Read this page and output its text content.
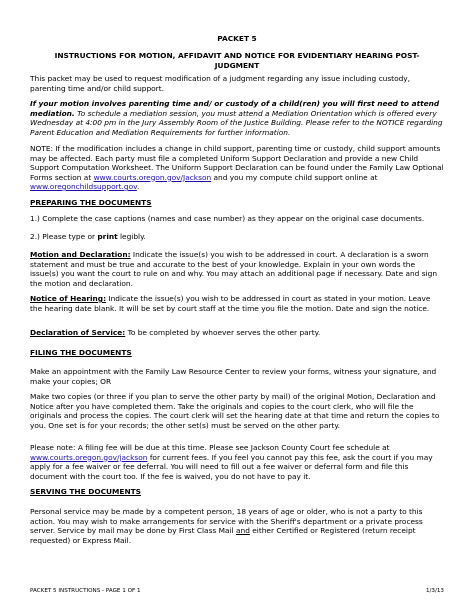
PACKET 5

INSTRUCTIONS FOR MOTION, AFFIDAVIT AND NOTICE FOR EVIDENTIARY HEARING POST-JUDGMENT

This packet may be used to request modification of a judgment regarding any issue including custody, parenting time and/or child support.

If your motion involves parenting time and/ or custody of a child(ren) you will first need to attend mediation. To schedule a mediation session, you must attend a Mediation Orientation which is offered every Wednesday at 4:00 pm in the Jury Assembly Room of the Justice Building. Please refer to the NOTICE regarding Parent Education and Mediation Requirements for further information.

NOTE: If the modification includes a change in child support, parenting time or custody, child support amounts may be affected. Each party must file a completed Uniform Support Declaration and provide a new Child Support Computation Worksheet. The Uniform Support Declaration can be found under the Family Law Optional Forms section at www.courts.oregon.gov/Jackson and you my compute child support online at www.oregonchildsupport.gov.

PREPARING THE DOCUMENTS

1.) Complete the case captions (names and case number) as they appear on the original case documents.

2.) Please type or print legibly.

Motion and Declaration: Indicate the issue(s) you wish to be addressed in court. A declaration is a sworn statement and must be true and accurate to the best of your knowledge. Explain in your own words the issue(s) you want the court to rule on and why. You may attach an additional page if necessary. Date and sign the motion and declaration.

Notice of Hearing: Indicate the issue(s) you wish to be addressed in court as stated in your motion. Leave the hearing date blank. It will be set by court staff at the time you file the motion. Date and sign the notice.

Declaration of Service: To be completed by whoever serves the other party.

FILING THE DOCUMENTS

Make an appointment with the Family Law Resource Center to review your forms, witness your signature, and make your copies; OR

Make two copies (or three if you plan to serve the other party by mail) of the original Motion, Declaration and Notice after you have completed them. Take the originals and copies to the court clerk, who will file the originals and process the copies. The court clerk will set the hearing date at that time and return the copies to you. One set is for your records; the other set(s) must be served on the other party.

Please note: A filing fee will be due at this time. Please see Jackson County Court fee schedule at www.courts.oregon.gov/jackson for current fees. If you feel you cannot pay this fee, ask the court if you may apply for a fee waiver or fee deferral. You will need to fill out a fee waiver or deferral form and file this document with the court too. If the fee is waived, you do not have to pay it.

SERVING THE DOCUMENTS

Personal service may be made by a competent person, 18 years of age or older, who is not a party to this action. You may wish to make arrangements for service with the Sheriff's department or a private process server. Service by mail may be done by First Class Mail and either Certified or Registered (return receipt requested) or Express Mail.

PACKET 5 INSTRUCTIONS - PAGE 1 OF 1	1/3/13
